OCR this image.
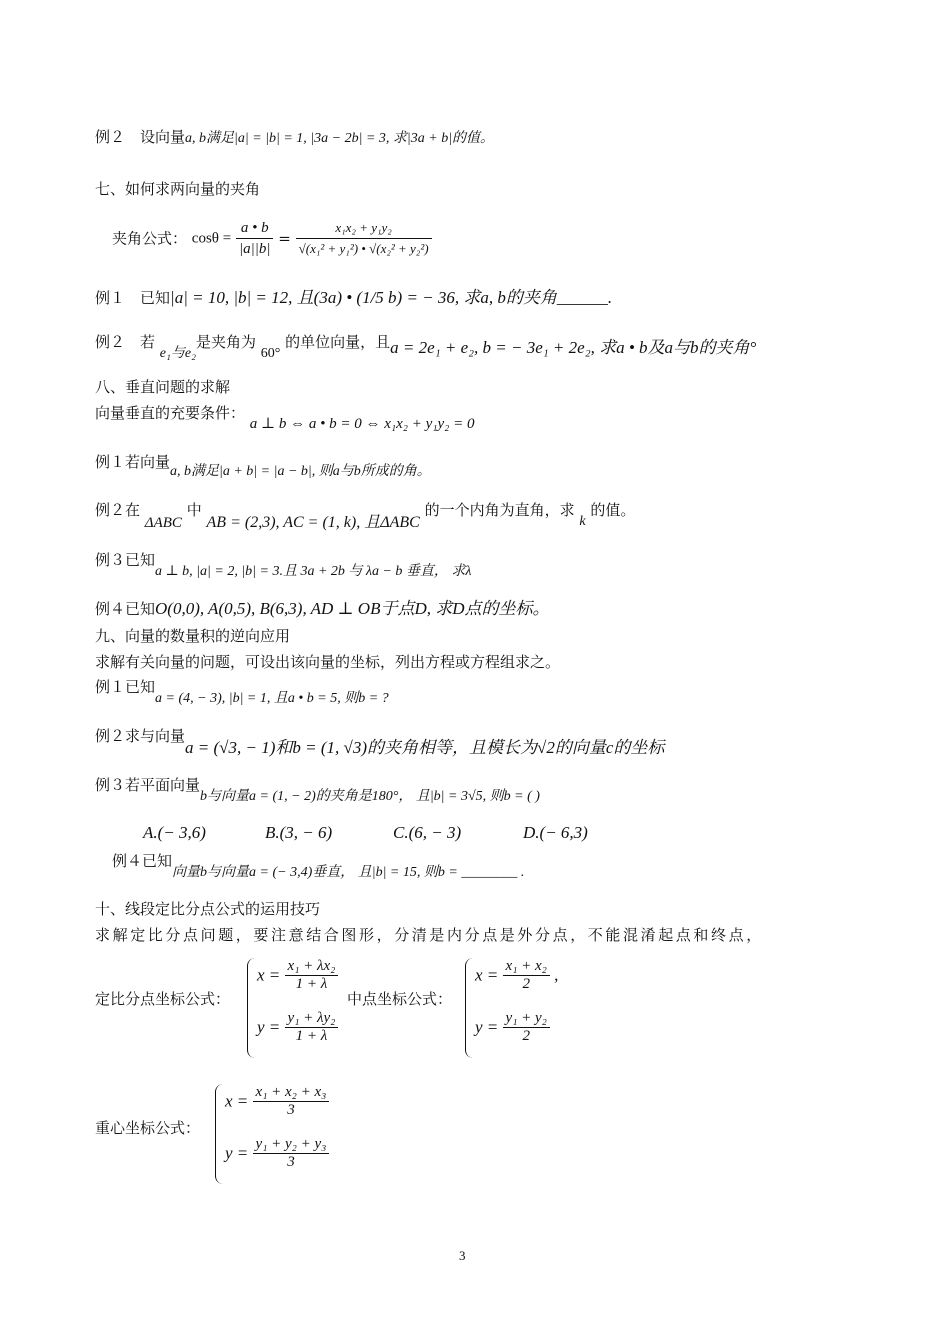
例２　设向量a, b满足|a| = |b| = 1, |3a − 2b| = 3, 求|3a + b|的值。
七、如何求两向量的夹角
夹角公式： $\cos\theta = \frac{a • b}{|a||b|} = \frac{\text{x₁x₂ + y₁y₂}}{\text{√(x₁² + y₁²) • √(x₂² + y₂²)}}$
例１　已知|a| = 10, |b| = 12, 且(3a) • (1/5 b) = − 36, 求a, b的夹角______.
例２　若 e₁与e₂是夹角为 60° 的单位向量，且a = 2e₁ + e₂, b = − 3e₁ + 2e₂, 求a • b及a与b的夹角°
八、垂直问题的求解
向量垂直的充要条件： a ⊥ b ⇔ a • b = 0 ⇔ x₁x₂ + y₁y₂ = 0
例１若向量a, b满足|a + b| = |a − b|, 则a与b所成的角。
例２在 ΔABC 中 AB = (2,3), AC = (1, k), 且ΔABC 的一个内角为直角，求 k 的值。
例３已知a ⊥ b, |a| = 2, |b| = 3.且 3a + 2b 与 λa − b 垂直， 求λ
例４已知O(0,0), A(0,5), B(6,3), AD ⊥ OB于点D, 求D点的坐标。
九、向量的数量积的逆向应用
求解有关向量的问题，可设出该向量的坐标，列出方程或方程组求之。
例１已知a = (4, − 3), |b| = 1, 且a • b = 5, 则b = ?
例２求与向量a = (√3, − 1)和b = (1, √3)的夹角相等，且模长为√2的向量c的坐标
例３若平面向量b与向量a = (1, − 2)的夹角是180°， 且|b| = 3√5, 则b = ( )
A.(− 3,6)	B.(3, − 6)	C.(6, − 3)	D.(− 6,3)
例４已知向量b与向量a = (− 3,4)垂直， 且|b| = 15, 则b = ________ .
十、线段定比分点公式的运用技巧
求解定比分点问题，要注意结合图形，分清是内分点是外分点，不能混淆起点和终点，
定比分点坐标公式：
$x = \frac{\text{x₁ + λx₂}}{1 + \lambda}$
$y = \frac{\text{y₁ + λy₂}}{1 + \lambda}$
中点坐标公式：
$x = \frac{\text{x₁ + x₂}}{2}$ ,
$y = \frac{\text{y₁ + y₂}}{2}$
重心坐标公式：
$x = \frac{\text{x₁ + x₂ + x₃}}{3}$
$y = \frac{\text{y₁ + y₂ + y₃}}{3}$
3
